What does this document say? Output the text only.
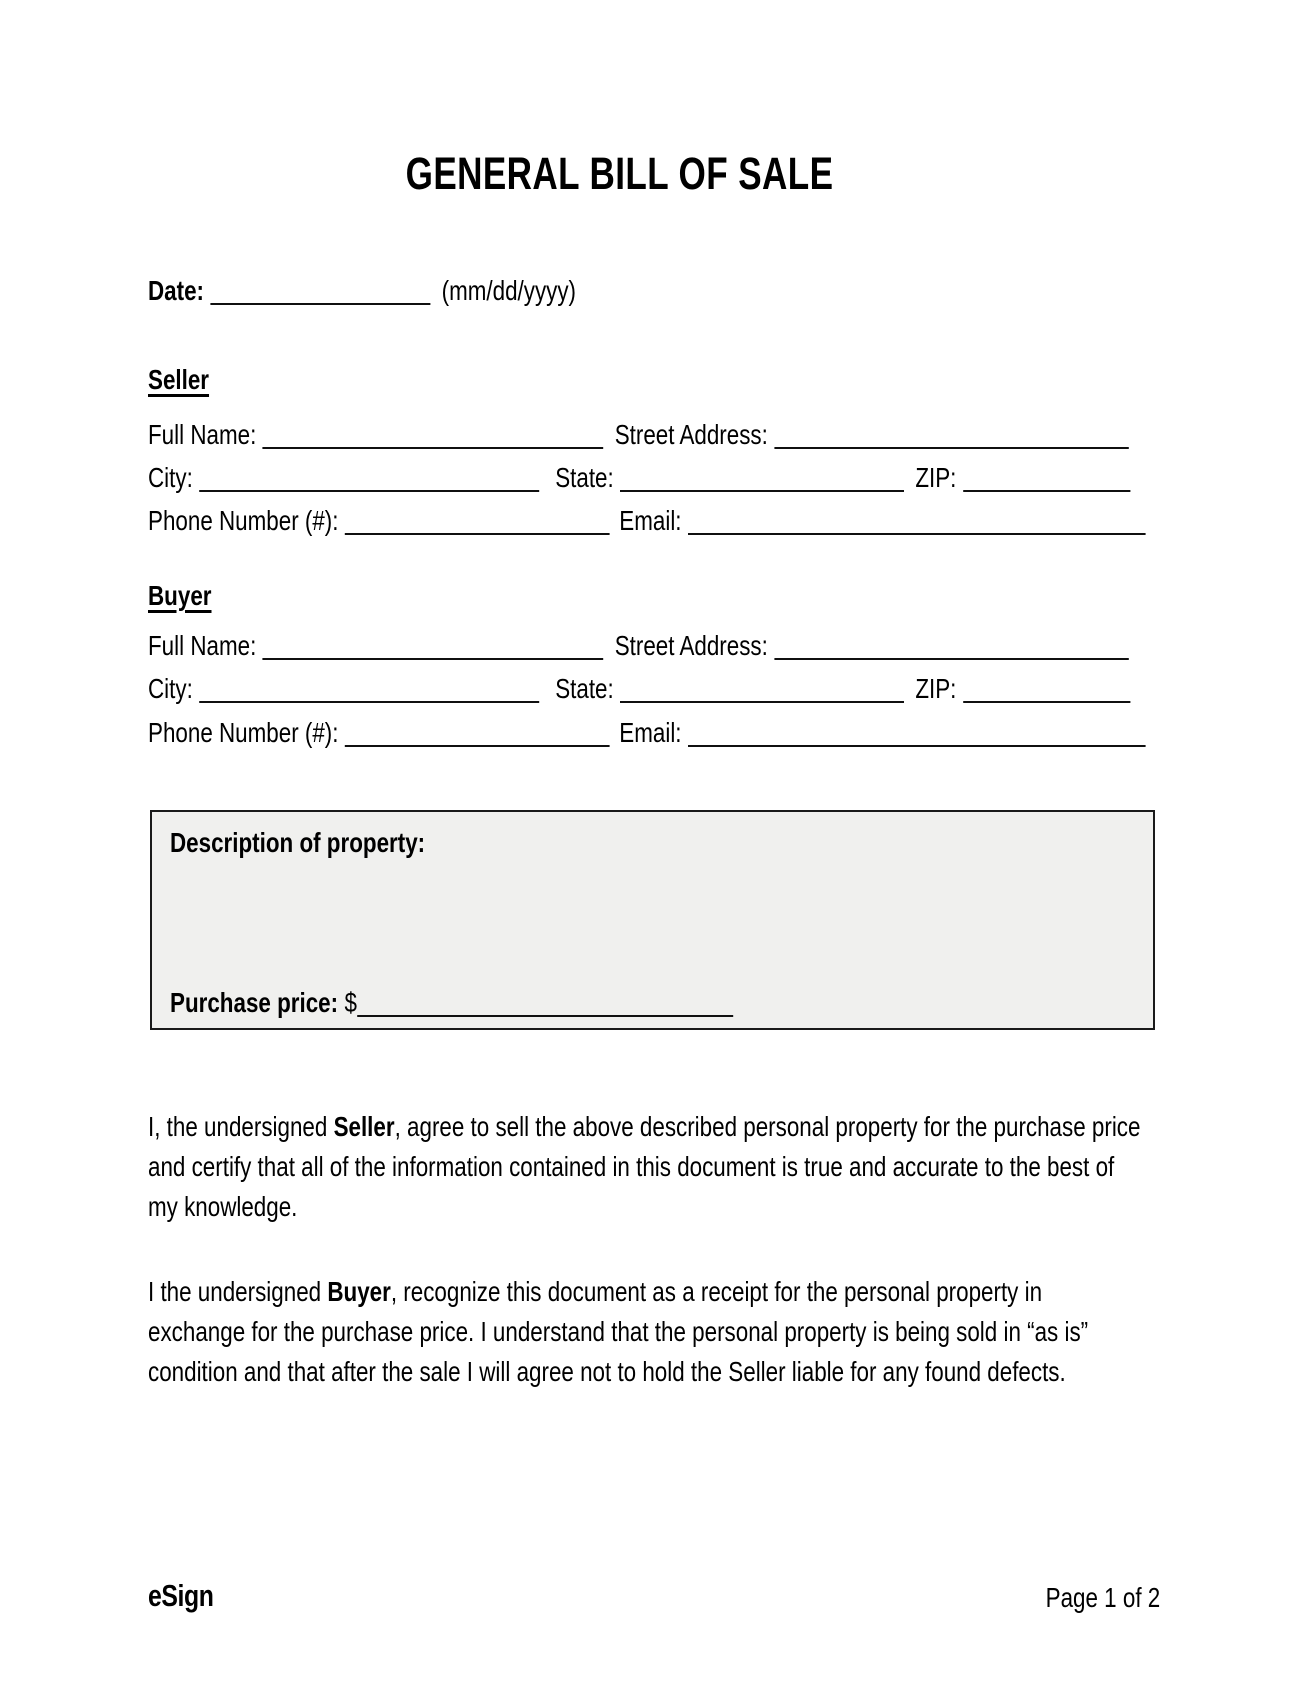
GENERAL BILL OF SALE
Date:	(mm/dd/yyyy)
Seller
Full Name:	Street Address:
City:	State:	ZIP:
Phone Number (#):	Email:
Buyer
Full Name:	Street Address:
City:	State:	ZIP:
Phone Number (#):	Email:
Description of property:
Purchase price: $

I, the undersigned Seller, agree to sell the above described personal property for the purchase price and certify that all of the information contained in this document is true and accurate to the best of my knowledge.

I the undersigned Buyer, recognize this document as a receipt for the personal property in exchange for the purchase price. I understand that the personal property is being sold in “as is” condition and that after the sale I will agree not to hold the Seller liable for any found defects.

eSign	Page 1 of 2
